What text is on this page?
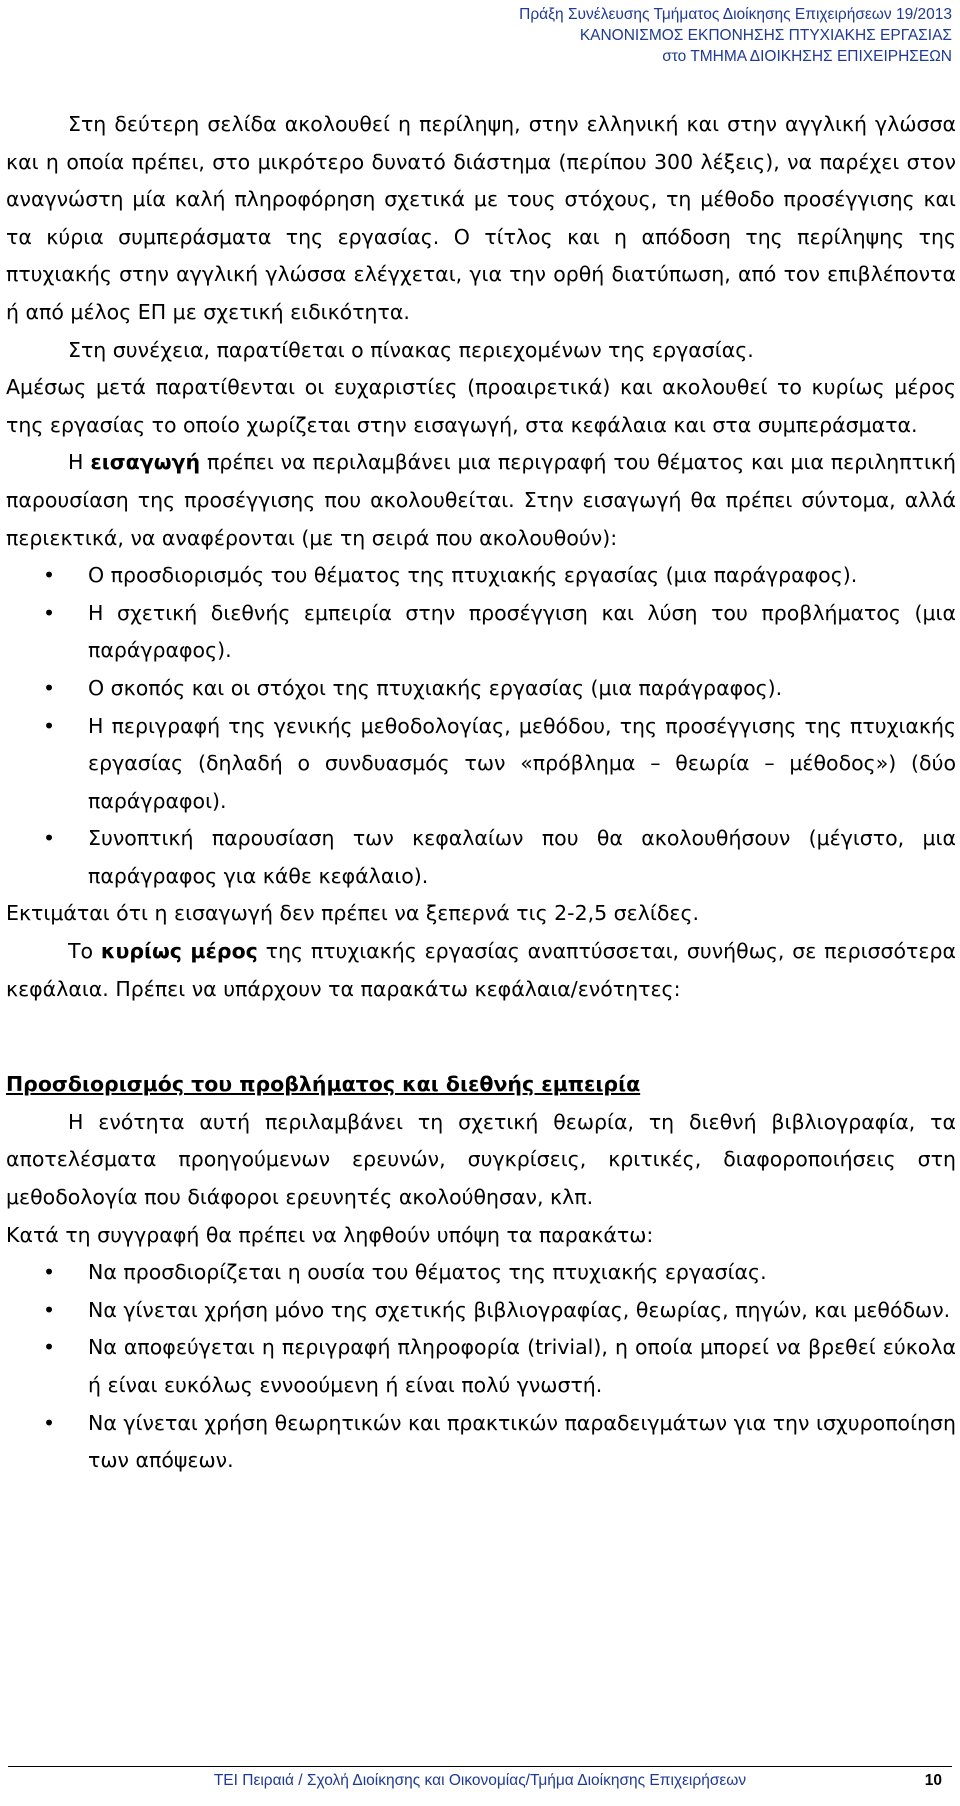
Πράξη Συνέλευσης Τμήματος Διοίκησης Επιχειρήσεων 19/2013
ΚΑΝΟΝΙΣΜΟΣ ΕΚΠΟΝΗΣΗΣ ΠΤΥΧΙΑΚΗΣ ΕΡΓΑΣΙΑΣ
στο ΤΜΗΜΑ ΔΙΟΙΚΗΣΗΣ ΕΠΙΧΕΙΡΗΣΕΩΝ

Στη δεύτερη σελίδα ακολουθεί η περίληψη, στην ελληνική και στην αγγλική γλώσσα και η οποία πρέπει, στο μικρότερο δυνατό διάστημα (περίπου 300 λέξεις), να παρέχει στον αναγνώστη μία καλή πληροφόρηση σχετικά με τους στόχους, τη μέθοδο προσέγγισης και τα κύρια συμπεράσματα της εργασίας. Ο τίτλος και η απόδοση της περίληψης της πτυχιακής στην αγγλική γλώσσα ελέγχεται, για την ορθή διατύπωση, από τον επιβλέποντα ή από μέλος ΕΠ με σχετική ειδικότητα.

Στη συνέχεια, παρατίθεται ο πίνακας περιεχομένων της εργασίας.

Αμέσως μετά παρατίθενται οι ευχαριστίες (προαιρετικά) και ακολουθεί το κυρίως μέρος της εργασίας το οποίο χωρίζεται στην εισαγωγή, στα κεφάλαια και στα συμπεράσματα.

Η εισαγωγή πρέπει να περιλαμβάνει μια περιγραφή του θέματος και μια περιληπτική παρουσίαση της προσέγγισης που ακολουθείται. Στην εισαγωγή θα πρέπει σύντομα, αλλά περιεκτικά, να αναφέρονται (με τη σειρά που ακολουθούν):

• Ο προσδιορισμός του θέματος της πτυχιακής εργασίας (μια παράγραφος).
• Η σχετική διεθνής εμπειρία στην προσέγγιση και λύση του προβλήματος (μια παράγραφος).
• Ο σκοπός και οι στόχοι της πτυχιακής εργασίας (μια παράγραφος).
• Η περιγραφή της γενικής μεθοδολογίας, μεθόδου, της προσέγγισης της πτυχιακής εργασίας (δηλαδή ο συνδυασμός των «πρόβλημα – θεωρία – μέθοδος») (δύο παράγραφοι).
• Συνοπτική παρουσίαση των κεφαλαίων που θα ακολουθήσουν (μέγιστο, μια παράγραφος για κάθε κεφάλαιο).

Εκτιμάται ότι η εισαγωγή δεν πρέπει να ξεπερνά τις 2-2,5 σελίδες.

Το κυρίως μέρος της πτυχιακής εργασίας αναπτύσσεται, συνήθως, σε περισσότερα κεφάλαια. Πρέπει να υπάρχουν τα παρακάτω κεφάλαια/ενότητες:

Προσδιορισμός του προβλήματος και διεθνής εμπειρία

Η ενότητα αυτή περιλαμβάνει τη σχετική θεωρία, τη διεθνή βιβλιογραφία, τα αποτελέσματα προηγούμενων ερευνών, συγκρίσεις, κριτικές, διαφοροποιήσεις στη μεθοδολογία που διάφοροι ερευνητές ακολούθησαν, κλπ.

Κατά τη συγγραφή θα πρέπει να ληφθούν υπόψη τα παρακάτω:

• Να προσδιορίζεται η ουσία του θέματος της πτυχιακής εργασίας.
• Να γίνεται χρήση μόνο της σχετικής βιβλιογραφίας, θεωρίας, πηγών, και μεθόδων.
• Να αποφεύγεται η περιγραφή πληροφορία (trivial), η οποία μπορεί να βρεθεί εύκολα ή είναι ευκόλως εννοούμενη ή είναι πολύ γνωστή.
• Να γίνεται χρήση θεωρητικών και πρακτικών παραδειγμάτων για την ισχυροποίηση των απόψεων.
ΤΕΙ Πειραιά / Σχολή Διοίκησης και Οικονομίας/Τμήμα Διοίκησης Επιχειρήσεων	10
